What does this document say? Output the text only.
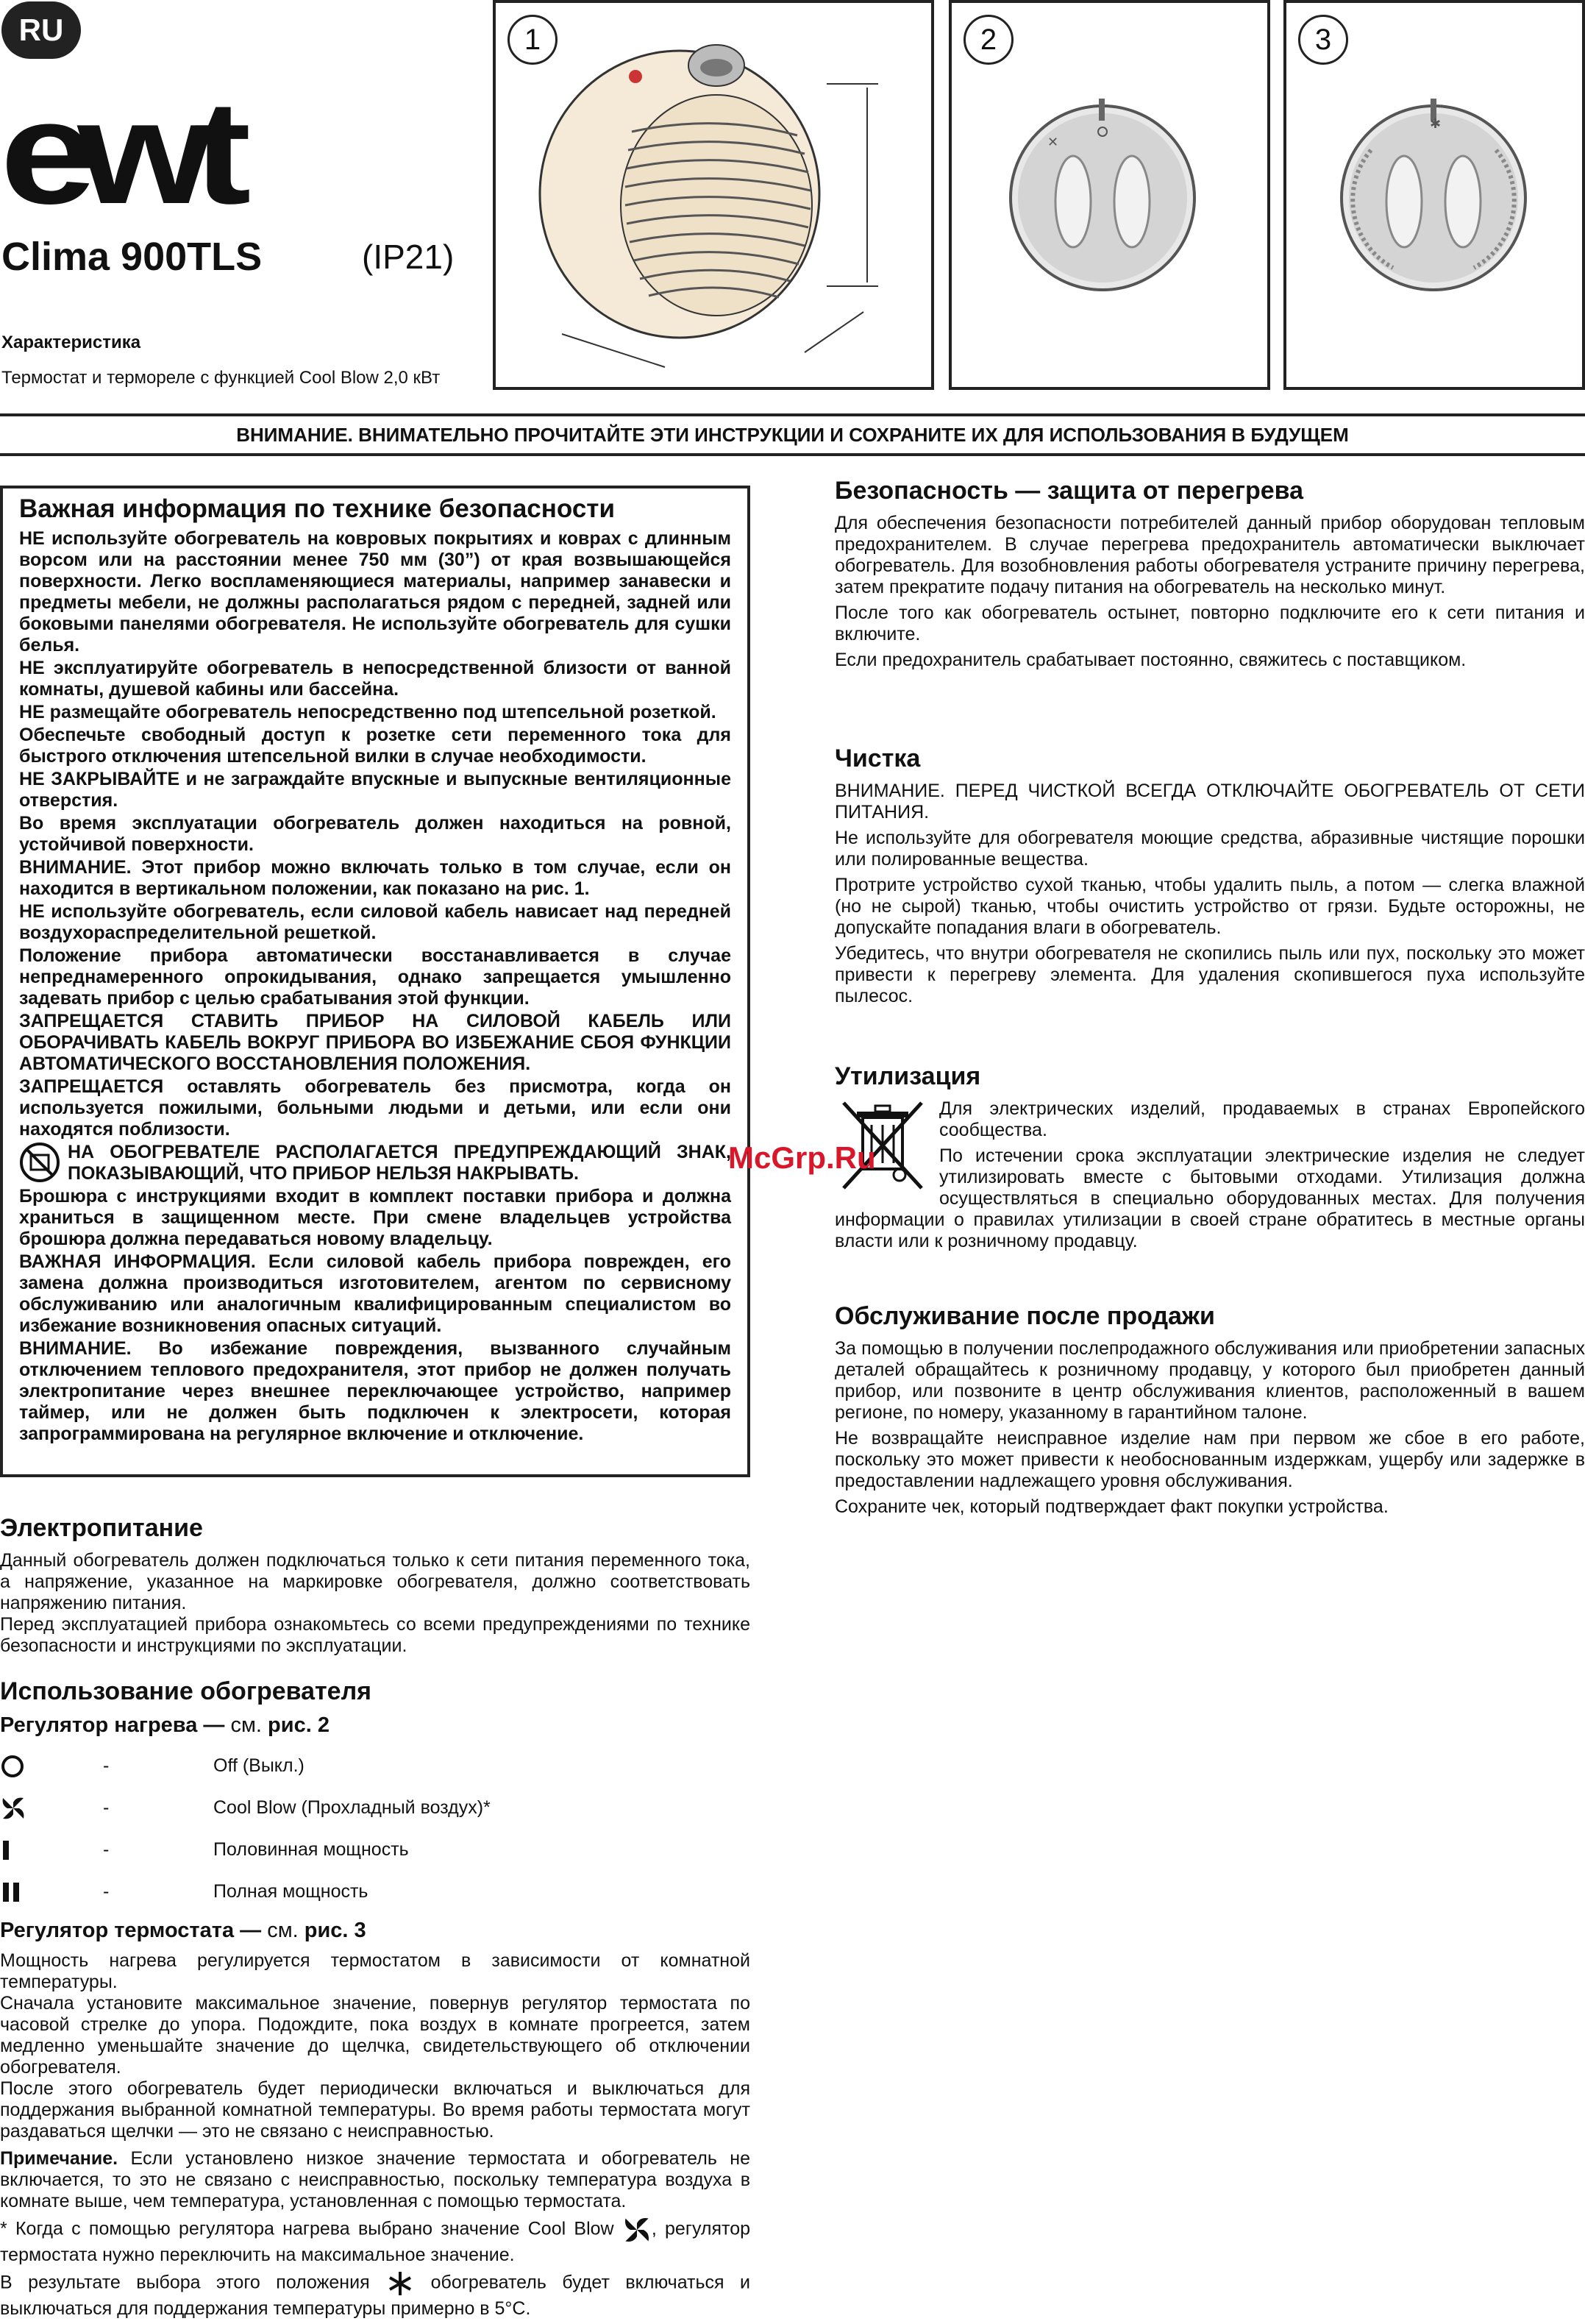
RU
ewt
Clima 900TLS	(IP21)
Характеристика
Термостат и термореле с функцией Cool Blow 2,0 кВт
1	2
✕
3
✱
ВНИМАНИЕ. ВНИМАТЕЛЬНО ПРОЧИТАЙТЕ ЭТИ ИНСТРУКЦИИ И СОХРАНИТЕ ИХ ДЛЯ ИСПОЛЬЗОВАНИЯ В БУДУЩЕМ
Важная информация по технике безопасности

НЕ используйте обогреватель на ковровых покрытиях и коврах с длинным ворсом или на расстоянии менее 750 мм (30”) от края возвышающейся поверхности. Легко воспламеняющиеся материалы, например занавески и предметы мебели, не должны располагаться рядом с передней, задней или боковыми панелями обогревателя. Не используйте обогреватель для сушки белья.

НЕ эксплуатируйте обогреватель в непосредственной близости от ванной комнаты, душевой кабины или бассейна.

НЕ размещайте обогреватель непосредственно под штепсельной розеткой.

Обеспечьте свободный доступ к розетке сети переменного тока для быстрого отключения штепсельной вилки в случае необходимости.

НЕ ЗАКРЫВАЙТЕ и не заграждайте впускные и выпускные вентиляционные отверстия.

Во время эксплуатации обогреватель должен находиться на ровной, устойчивой поверхности.

ВНИМАНИЕ. Этот прибор можно включать только в том случае, если он находится в вертикальном положении, как показано на рис. 1.

НЕ используйте обогреватель, если силовой кабель нависает над передней воздухораспределительной решеткой.

Положение прибора автоматически восстанавливается в случае непреднамеренного опрокидывания, однако запрещается умышленно задевать прибор с целью срабатывания этой функции.

ЗАПРЕЩАЕТСЯ СТАВИТЬ ПРИБОР НА СИЛОВОЙ КАБЕЛЬ ИЛИ ОБОРАЧИВАТЬ КАБЕЛЬ ВОКРУГ ПРИБОРА ВО ИЗБЕЖАНИЕ СБОЯ ФУНКЦИИ АВТОМАТИЧЕСКОГО ВОССТАНОВЛЕНИЯ ПОЛОЖЕНИЯ.

ЗАПРЕЩАЕТСЯ оставлять обогреватель без присмотра, когда он используется пожилыми, больными людьми и детьми, или если они находятся поблизости.

НА ОБОГРЕВАТЕЛЕ РАСПОЛАГАЕТСЯ ПРЕДУПРЕЖДАЮЩИЙ ЗНАК, ПОКАЗЫВАЮЩИЙ, ЧТО ПРИБОР НЕЛЬЗЯ НАКРЫВАТЬ.

Брошюра с инструкциями входит в комплект поставки прибора и должна храниться в защищенном месте. При смене владельцев устройства брошюра должна передаваться новому владельцу.

ВАЖНАЯ ИНФОРМАЦИЯ. Если силовой кабель прибора поврежден, его замена должна производиться изготовителем, агентом по сервисному обслуживанию или аналогичным квалифицированным специалистом во избежание возникновения опасных ситуаций.

ВНИМАНИЕ. Во избежание повреждения, вызванного случайным отключением теплового предохранителя, этот прибор не должен получать электропитание через внешнее переключающее устройство, например таймер, или не должен быть подключен к электросети, которая запрограммирована на регулярное включение и отключение.

Электропитание

Данный обогреватель должен подключаться только к сети питания переменного тока, а напряжение, указанное на маркировке обогревателя, должно соответствовать напряжению питания.

Перед эксплуатацией прибора ознакомьтесь со всеми предупреждениями по технике безопасности и инструкциями по эксплуатации.

Использование обогревателя
Регулятор нагрева — см. рис. 2
-	Off (Выкл.)
-	Cool Blow (Прохладный воздух)*
-	Половинная мощность
-	Полная мощность
Регулятор термостата — см. рис. 3

Мощность нагрева регулируется термостатом в зависимости от комнатной температуры.

Сначала установите максимальное значение, повернув регулятор термостата по часовой стрелке до упора. Подождите, пока воздух в комнате прогреется, затем медленно уменьшайте значение до щелчка, свидетельствующего об отключении обогревателя.

После этого обогреватель будет периодически включаться и выключаться для поддержания выбранной комнатной температуры. Во время работы термостата могут раздаваться щелчки — это не связано с неисправностью.

Примечание. Если установлено низкое значение термостата и обогреватель не включается, то это не связано с неисправностью, поскольку температура воздуха в комнате выше, чем температура, установленная с помощью термостата.

* Когда с помощью регулятора нагрева выбрано значение Cool Blow , регулятор термостата нужно переключить на максимальное значение.

В результате выбора этого положения  обогреватель будет включаться и выключаться для поддержания температуры примерно в 5°С.

Безопасность — защита от перегрева

Для обеспечения безопасности потребителей данный прибор оборудован тепловым предохранителем. В случае перегрева предохранитель автоматически выключает обогреватель. Для возобновления работы обогревателя устраните причину перегрева, затем прекратите подачу питания на обогреватель на несколько минут.

После того как обогреватель остынет, повторно подключите его к сети питания и включите.

Если предохранитель срабатывает постоянно, свяжитесь с поставщиком.

Чистка

ВНИМАНИЕ. ПЕРЕД ЧИСТКОЙ ВСЕГДА ОТКЛЮЧАЙТЕ ОБОГРЕВАТЕЛЬ ОТ СЕТИ ПИТАНИЯ.

Не используйте для обогревателя моющие средства, абразивные чистящие порошки или полированные вещества.

Протрите устройство сухой тканью, чтобы удалить пыль, а потом — слегка влажной (но не сырой) тканью, чтобы очистить устройство от грязи. Будьте осторожны, не допускайте попадания влаги в обогреватель.

Убедитесь, что внутри обогревателя не скопились пыль или пух, поскольку это может привести к перегреву элемента. Для удаления скопившегося пуха используйте пылесос.

Утилизация

Для электрических изделий, продаваемых в странах Европейского сообщества.

По истечении срока эксплуатации электрические изделия не следует утилизировать вместе с бытовыми отходами. Утилизация должна осуществляться в специально оборудованных местах. Для получения информации о правилах утилизации в своей стране обратитесь в местные органы власти или к розничному продавцу.

Обслуживание после продажи

За помощью в получении послепродажного обслуживания или приобретении запасных деталей обращайтесь к розничному продавцу, у которого был приобретен данный прибор, или позвоните в центр обслуживания клиентов, расположенный в вашем регионе, по номеру, указанному в гарантийном талоне.

Не возвращайте неисправное изделие нам при первом же сбое в его работе, поскольку это может привести к необоснованным издержкам, ущербу или задержке в предоставлении надлежащего уровня обслуживания.

Сохраните чек, который подтверждает факт покупки устройства.

McGrp.Ru
